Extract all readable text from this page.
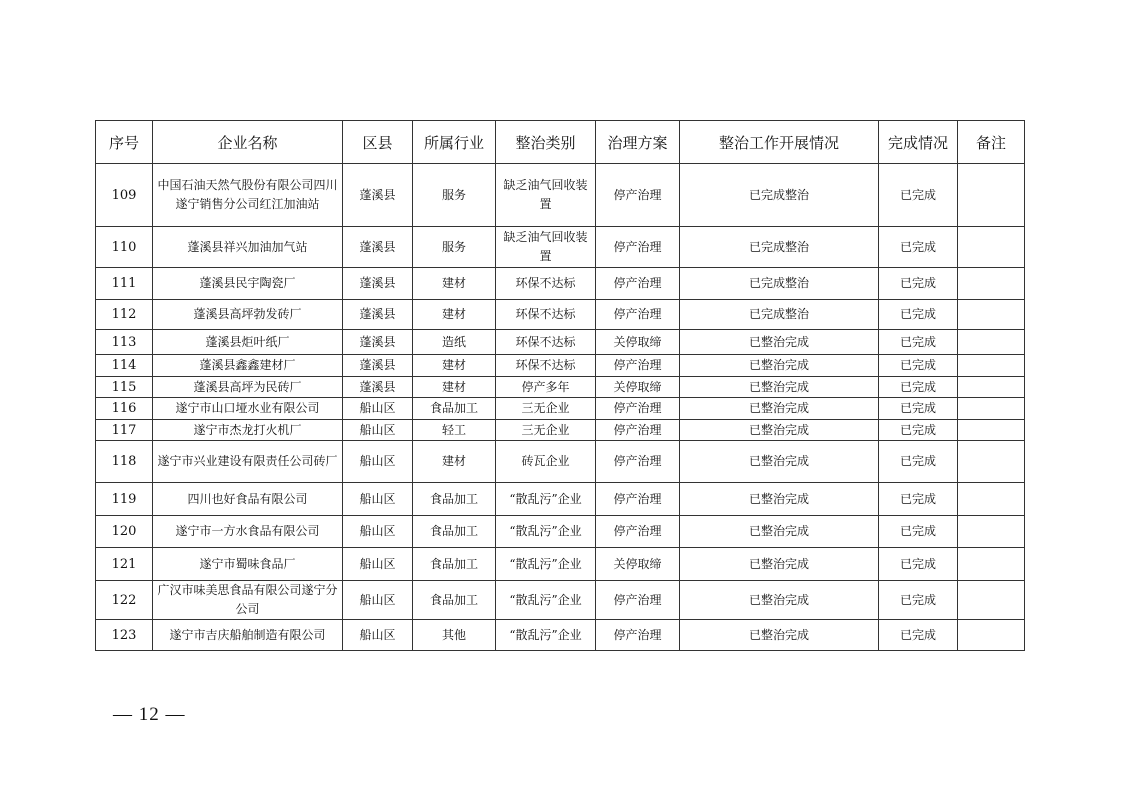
序号	企业名称	区县	所属行业	整治类别	治理方案	整治工作开展情况	完成情况	备注
109	中国石油天然气股份有限公司四川遂宁销售分公司红江加油站	蓬溪县	服务	缺乏油气回收装置	停产治理	已完成整治	已完成	
110	蓬溪县祥兴加油加气站	蓬溪县	服务	缺乏油气回收装置	停产治理	已完成整治	已完成	
111	蓬溪县民宇陶瓷厂	蓬溪县	建材	环保不达标	停产治理	已完成整治	已完成	
112	蓬溪县高坪勃发砖厂	蓬溪县	建材	环保不达标	停产治理	已完成整治	已完成	
113	蓬溪县炬叶纸厂	蓬溪县	造纸	环保不达标	关停取缔	已整治完成	已完成	
114	蓬溪县鑫鑫建材厂	蓬溪县	建材	环保不达标	停产治理	已整治完成	已完成	
115	蓬溪县高坪为民砖厂	蓬溪县	建材	停产多年	关停取缔	已整治完成	已完成	
116	遂宁市山口垭水业有限公司	船山区	食品加工	三无企业	停产治理	已整治完成	已完成	
117	遂宁市杰龙打火机厂	船山区	轻工	三无企业	停产治理	已整治完成	已完成	
118	遂宁市兴业建设有限责任公司砖厂	船山区	建材	砖瓦企业	停产治理	已整治完成	已完成	
119	四川也好食品有限公司	船山区	食品加工	“散乱污”企业	停产治理	已整治完成	已完成	
120	遂宁市一方水食品有限公司	船山区	食品加工	“散乱污”企业	停产治理	已整治完成	已完成	
121	遂宁市蜀味食品厂	船山区	食品加工	“散乱污”企业	关停取缔	已整治完成	已完成	
122	广汉市味美思食品有限公司遂宁分公司	船山区	食品加工	“散乱污”企业	停产治理	已整治完成	已完成	
123	遂宁市吉庆船舶制造有限公司	船山区	其他	“散乱污”企业	停产治理	已整治完成	已完成	
— 12 —
